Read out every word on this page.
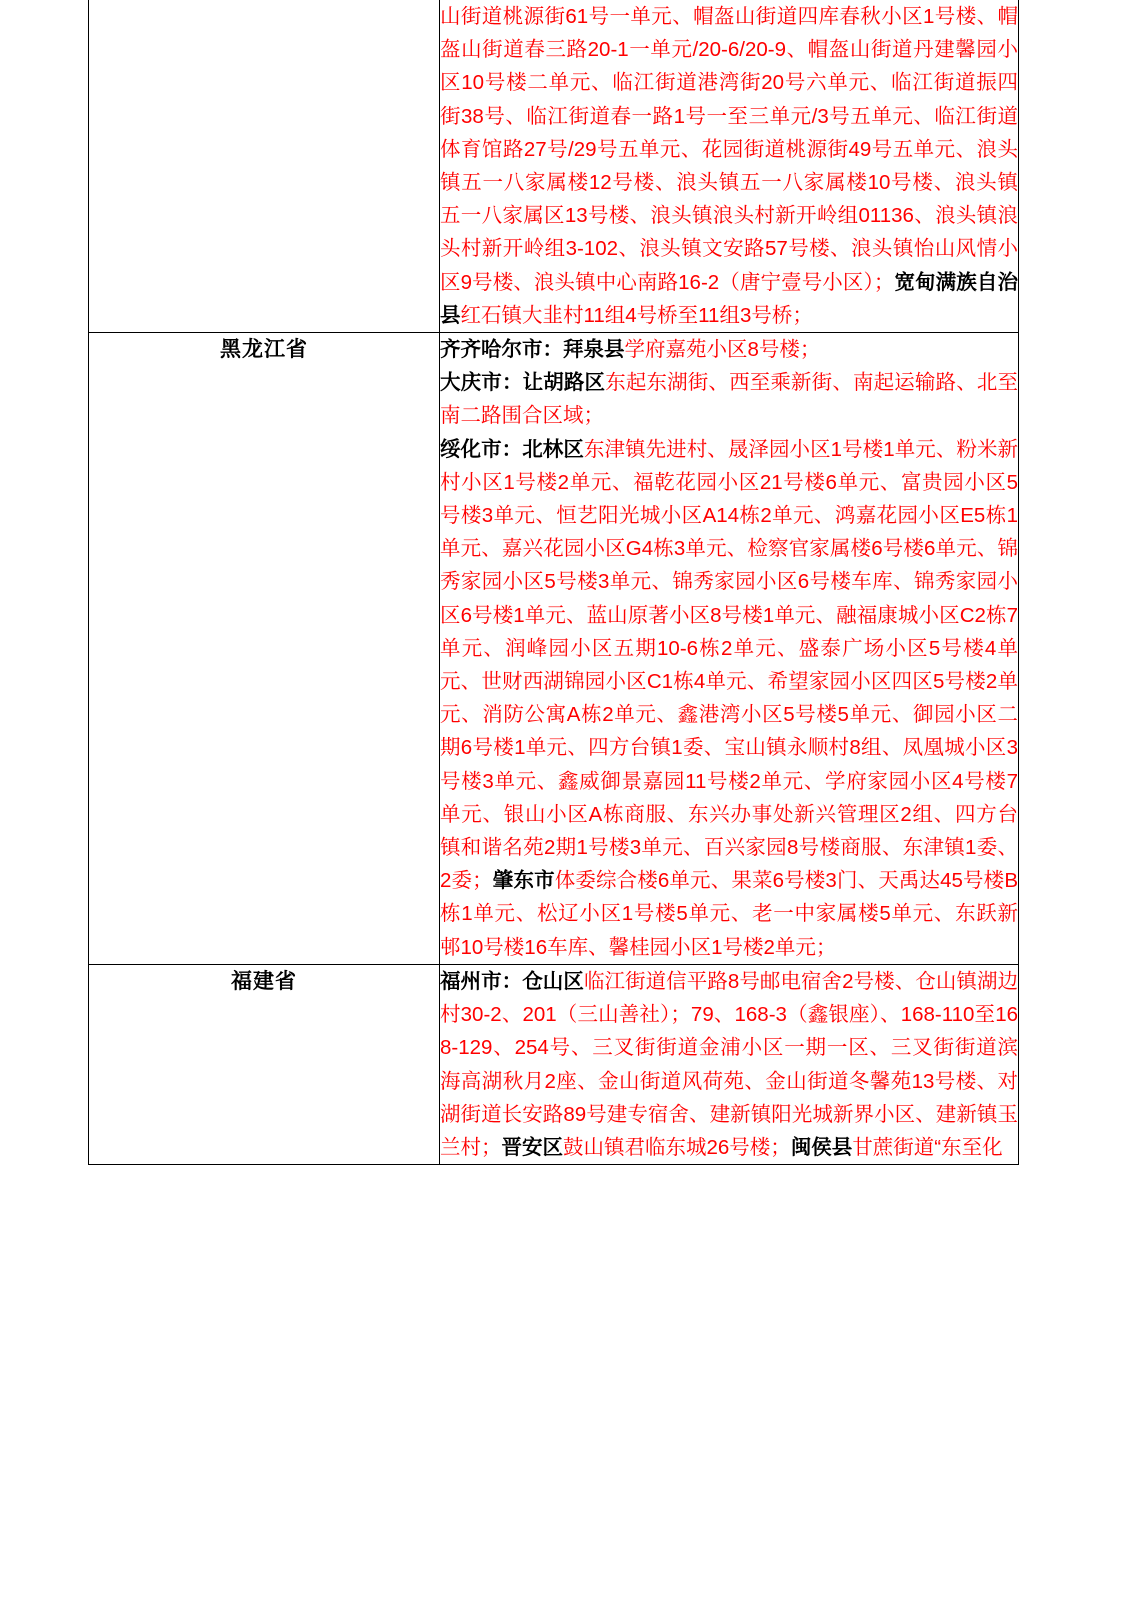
	山街道桃源街61号一单元、帽盔山街道四库春秋小区1号楼、帽盔山街道春三路20-1一单元/20-6/20-9、帽盔山街道丹建馨园小区10号楼二单元、临江街道港湾街20号六单元、临江街道振四街38号、临江街道春一路1号一至三单元/3号五单元、临江街道体育馆路27号/29号五单元、花园街道桃源街49号五单元、浪头镇五一八家属楼12号楼、浪头镇五一八家属楼10号楼、浪头镇五一八家属区13号楼、浪头镇浪头村新开岭组01136、浪头镇浪头村新开岭组3-102、浪头镇文安路57号楼、浪头镇怡山风情小区9号楼、浪头镇中心南路16-2（唐宁壹号小区）；宽甸满族自治县红石镇大韭村11组4号桥至11组3号桥；

黑龙江省	齐齐哈尔市：拜泉县学府嘉苑小区8号楼；

大庆市：让胡路区东起东湖街、西至乘新街、南起运输路、北至南二路围合区域；

绥化市：北林区东津镇先进村、晟泽园小区1号楼1单元、粉米新村小区1号楼2单元、福乾花园小区21号楼6单元、富贵园小区5号楼3单元、恒艺阳光城小区A14栋2单元、鸿嘉花园小区E5栋1单元、嘉兴花园小区G4栋3单元、检察官家属楼6号楼6单元、锦秀家园小区5号楼3单元、锦秀家园小区6号楼车库、锦秀家园小区6号楼1单元、蓝山原著小区8号楼1单元、融福康城小区C2栋7单元、润峰园小区五期10-6栋2单元、盛泰广场小区5号楼4单元、世财西湖锦园小区C1栋4单元、希望家园小区四区5号楼2单元、消防公寓A栋2单元、鑫港湾小区5号楼5单元、御园小区二期6号楼1单元、四方台镇1委、宝山镇永顺村8组、凤凰城小区3号楼3单元、鑫威御景嘉园11号楼2单元、学府家园小区4号楼7单元、银山小区A栋商服、东兴办事处新兴管理区2组、四方台镇和谐名苑2期1号楼3单元、百兴家园8号楼商服、东津镇1委、2委；肇东市体委综合楼6单元、果菜6号楼3门、天禹达45号楼B栋1单元、松辽小区1号楼5单元、老一中家属楼5单元、东跃新邨10号楼16车库、馨桂园小区1号楼2单元；

福建省	福州市：仓山区临江街道信平路8号邮电宿舍2号楼、仓山镇湖边村30-2、201（三山善社）；79、168-3（鑫银座）、168-110至168-129、254号、三叉街街道金浦小区一期一区、三叉街街道滨海高湖秋月2座、金山街道风荷苑、金山街道冬馨苑13号楼、对湖街道长安路89号建专宿舍、建新镇阳光城新界小区、建新镇玉兰村；晋安区鼓山镇君临东城26号楼；闽侯县甘蔗街道“东至化
